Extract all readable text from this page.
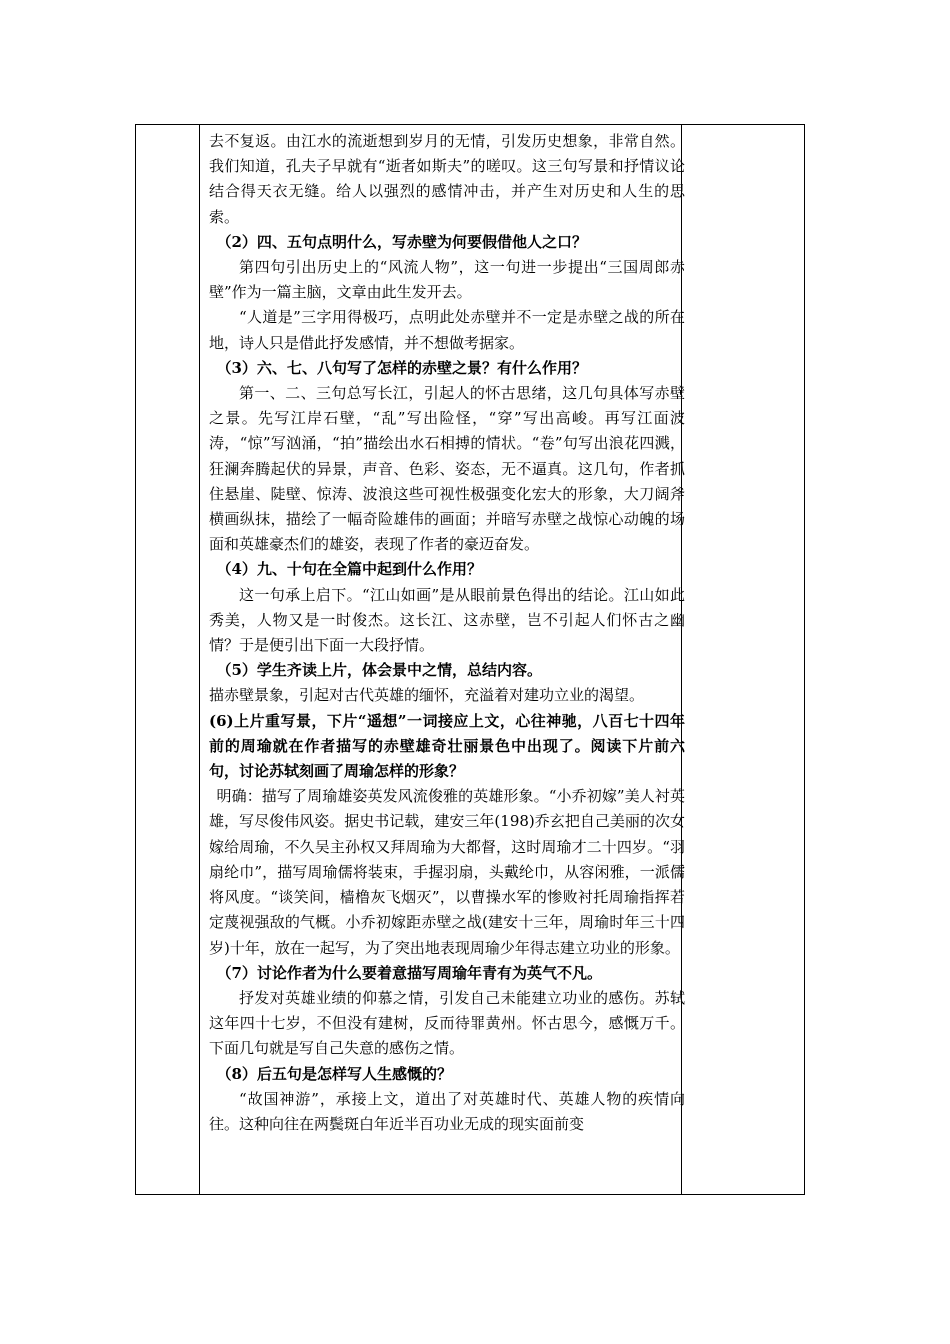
去不复返。由江水的流逝想到岁月的无情，引发历史想象，非常自然。我们知道，孔夫子早就有“逝者如斯夫”的嗟叹。这三句写景和抒情议论结合得天衣无缝。给人以强烈的感情冲击，并产生对历史和人生的思索。

（2）四、五句点明什么，写赤壁为何要假借他人之口？

第四句引出历史上的“风流人物”，这一句进一步提出“三国周郎赤壁”作为一篇主脑，文章由此生发开去。

“人道是”三字用得极巧，点明此处赤壁并不一定是赤壁之战的所在地，诗人只是借此抒发感情，并不想做考据家。

（3）六、七、八句写了怎样的赤壁之景？有什么作用？

第一、二、三句总写长江，引起人的怀古思绪，这几句具体写赤壁之景。先写江岸石壁，“乱”写出险怪，“穿”写出高峻。再写江面波涛，“惊”写汹涌，“拍”描绘出水石相搏的情状。“卷”句写出浪花四溅，狂澜奔腾起伏的异景，声音、色彩、姿态，无不逼真。这几句，作者抓住悬崖、陡壁、惊涛、波浪这些可视性极强变化宏大的形象，大刀阔斧横画纵抹，描绘了一幅奇险雄伟的画面；并暗写赤壁之战惊心动魄的场面和英雄豪杰们的雄姿，表现了作者的豪迈奋发。

（4）九、十句在全篇中起到什么作用？

这一句承上启下。“江山如画”是从眼前景色得出的结论。江山如此秀美，人物又是一时俊杰。这长江、这赤壁，岂不引起人们怀古之幽情？于是便引出下面一大段抒情。

（5）学生齐读上片，体会景中之情，总结内容。

描赤壁景象，引起对古代英雄的缅怀，充溢着对建功立业的渴望。

(6)上片重写景，下片“遥想”一词接应上文，心往神驰，八百七十四年前的周瑜就在作者描写的赤壁雄奇壮丽景色中出现了。阅读下片前六句，讨论苏轼刻画了周瑜怎样的形象？

明确：描写了周瑜雄姿英发风流俊雅的英雄形象。“小乔初嫁”美人衬英雄，写尽俊伟风姿。据史书记载，建安三年(198)乔玄把自己美丽的次女嫁给周瑜，不久吴主孙权又拜周瑜为大都督，这时周瑜才二十四岁。“羽扇纶巾”，描写周瑜儒将装束，手握羽扇，头戴纶巾，从容闲雅，一派儒将风度。“谈笑间，樯橹灰飞烟灭”，以曹操水军的惨败衬托周瑜指挥若定蔑视强敌的气概。小乔初嫁距赤壁之战(建安十三年，周瑜时年三十四岁)十年，放在一起写，为了突出地表现周瑜少年得志建立功业的形象。

（7）讨论作者为什么要着意描写周瑜年青有为英气不凡。

抒发对英雄业绩的仰慕之情，引发自己未能建立功业的感伤。苏轼这年四十七岁，不但没有建树，反而待罪黄州。怀古思今，感慨万千。下面几句就是写自己失意的感伤之情。

（8）后五句是怎样写人生感慨的？

“故国神游”，承接上文，道出了对英雄时代、英雄人物的疾情向往。这种向往在两鬓斑白年近半百功业无成的现实面前变
